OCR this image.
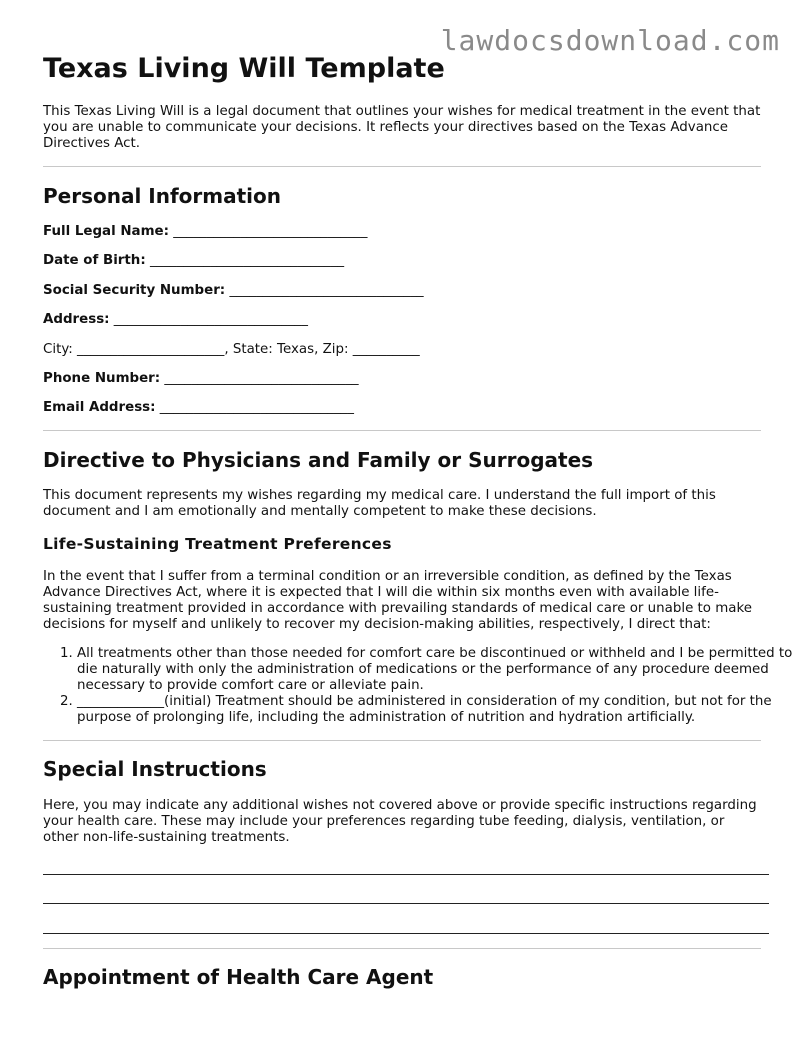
lawdocsdownload.com
Texas Living Will Template

This Texas Living Will is a legal document that outlines your wishes for medical treatment in the event that you are unable to communicate your decisions. It reflects your directives based on the Texas Advance Directives Act.

Personal Information
Full Legal Name: _____________________________
Date of Birth: _____________________________
Social Security Number: _____________________________
Address: _____________________________
City: ______________________, State: Texas, Zip: __________
Phone Number: _____________________________
Email Address: _____________________________
Directive to Physicians and Family or Surrogates

This document represents my wishes regarding my medical care. I understand the full import of this document and I am emotionally and mentally competent to make these decisions.

Life-Sustaining Treatment Preferences

In the event that I suffer from a terminal condition or an irreversible condition, as defined by the Texas Advance Directives Act, where it is expected that I will die within six months even with available life-sustaining treatment provided in accordance with prevailing standards of medical care or unable to make decisions for myself and unlikely to recover my decision-making abilities, respectively, I direct that:

1. All treatments other than those needed for comfort care be discontinued or withheld and I be permitted to die naturally with only the administration of medications or the performance of any procedure deemed necessary to provide comfort care or alleviate pain.
2. _____________(initial) Treatment should be administered in consideration of my condition, but not for the purpose of prolonging life, including the administration of nutrition and hydration artificially.
Special Instructions

Here, you may indicate any additional wishes not covered above or provide specific instructions regarding your health care. These may include your preferences regarding tube feeding, dialysis, ventilation, or other non-life-sustaining treatments.

Appointment of Health Care Agent
